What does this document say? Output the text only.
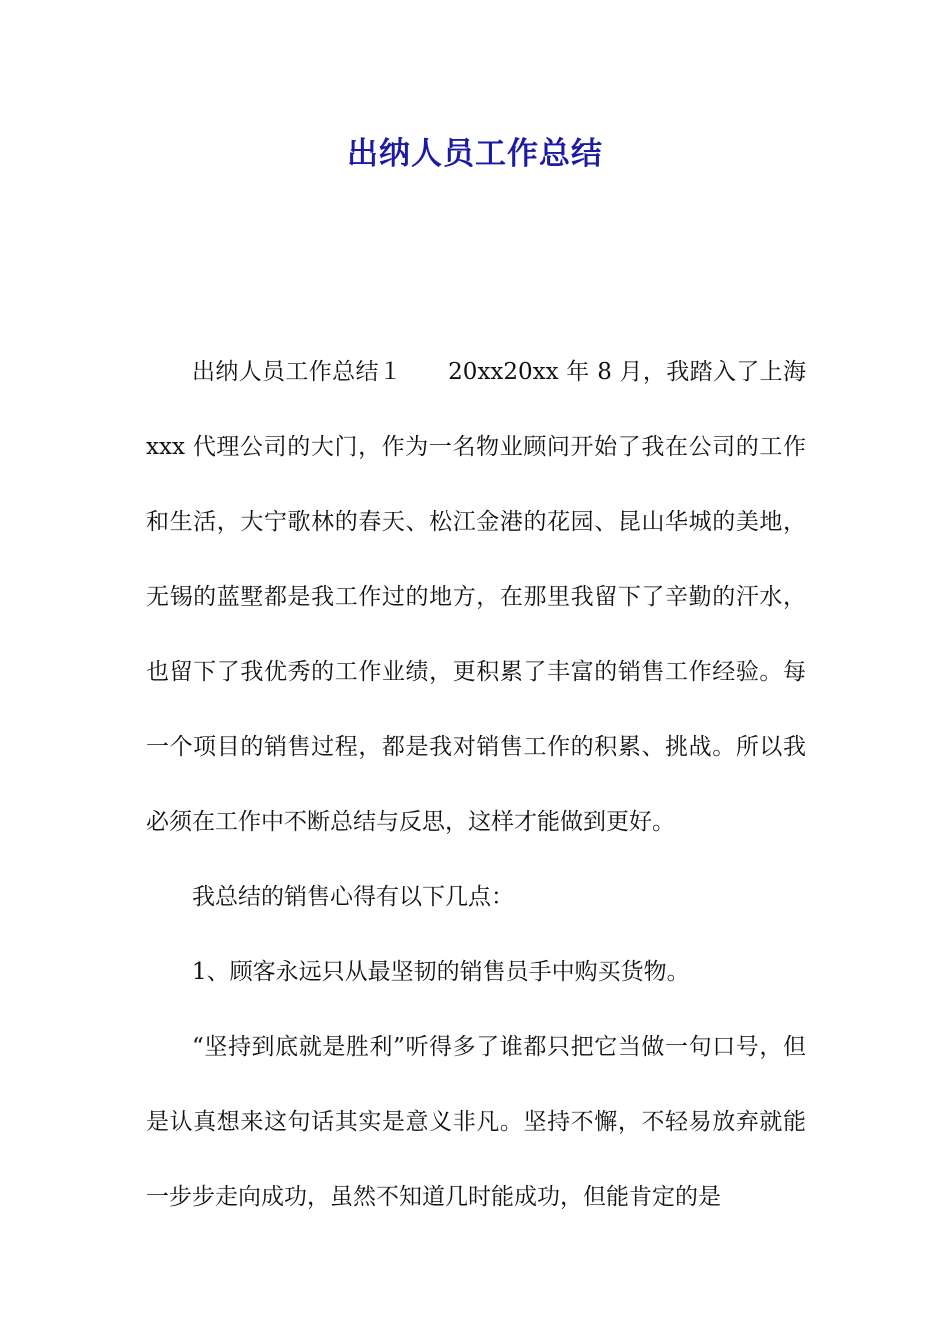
出纳人员工作总结

出纳人员工作总结１ 20xx20xx 年 8 月，我踏入了上海 xxx 代理公司的大门，作为一名物业顾问开始了我在公司的工作和生活，大宁歌林的春天、松江金港的花园、昆山华城的美地，无锡的蓝墅都是我工作过的地方，在那里我留下了辛勤的汗水，也留下了我优秀的工作业绩，更积累了丰富的销售工作经验。每一个项目的销售过程，都是我对销售工作的积累、挑战。所以我必须在工作中不断总结与反思，这样才能做到更好。

我总结的销售心得有以下几点：

1、顾客永远只从最坚韧的销售员手中购买货物。

“坚持到底就是胜利”听得多了谁都只把它当做一句口号，但是认真想来这句话其实是意义非凡。坚持不懈，不轻易放弃就能一步步走向成功，虽然不知道几时能成功，但能肯定的是
